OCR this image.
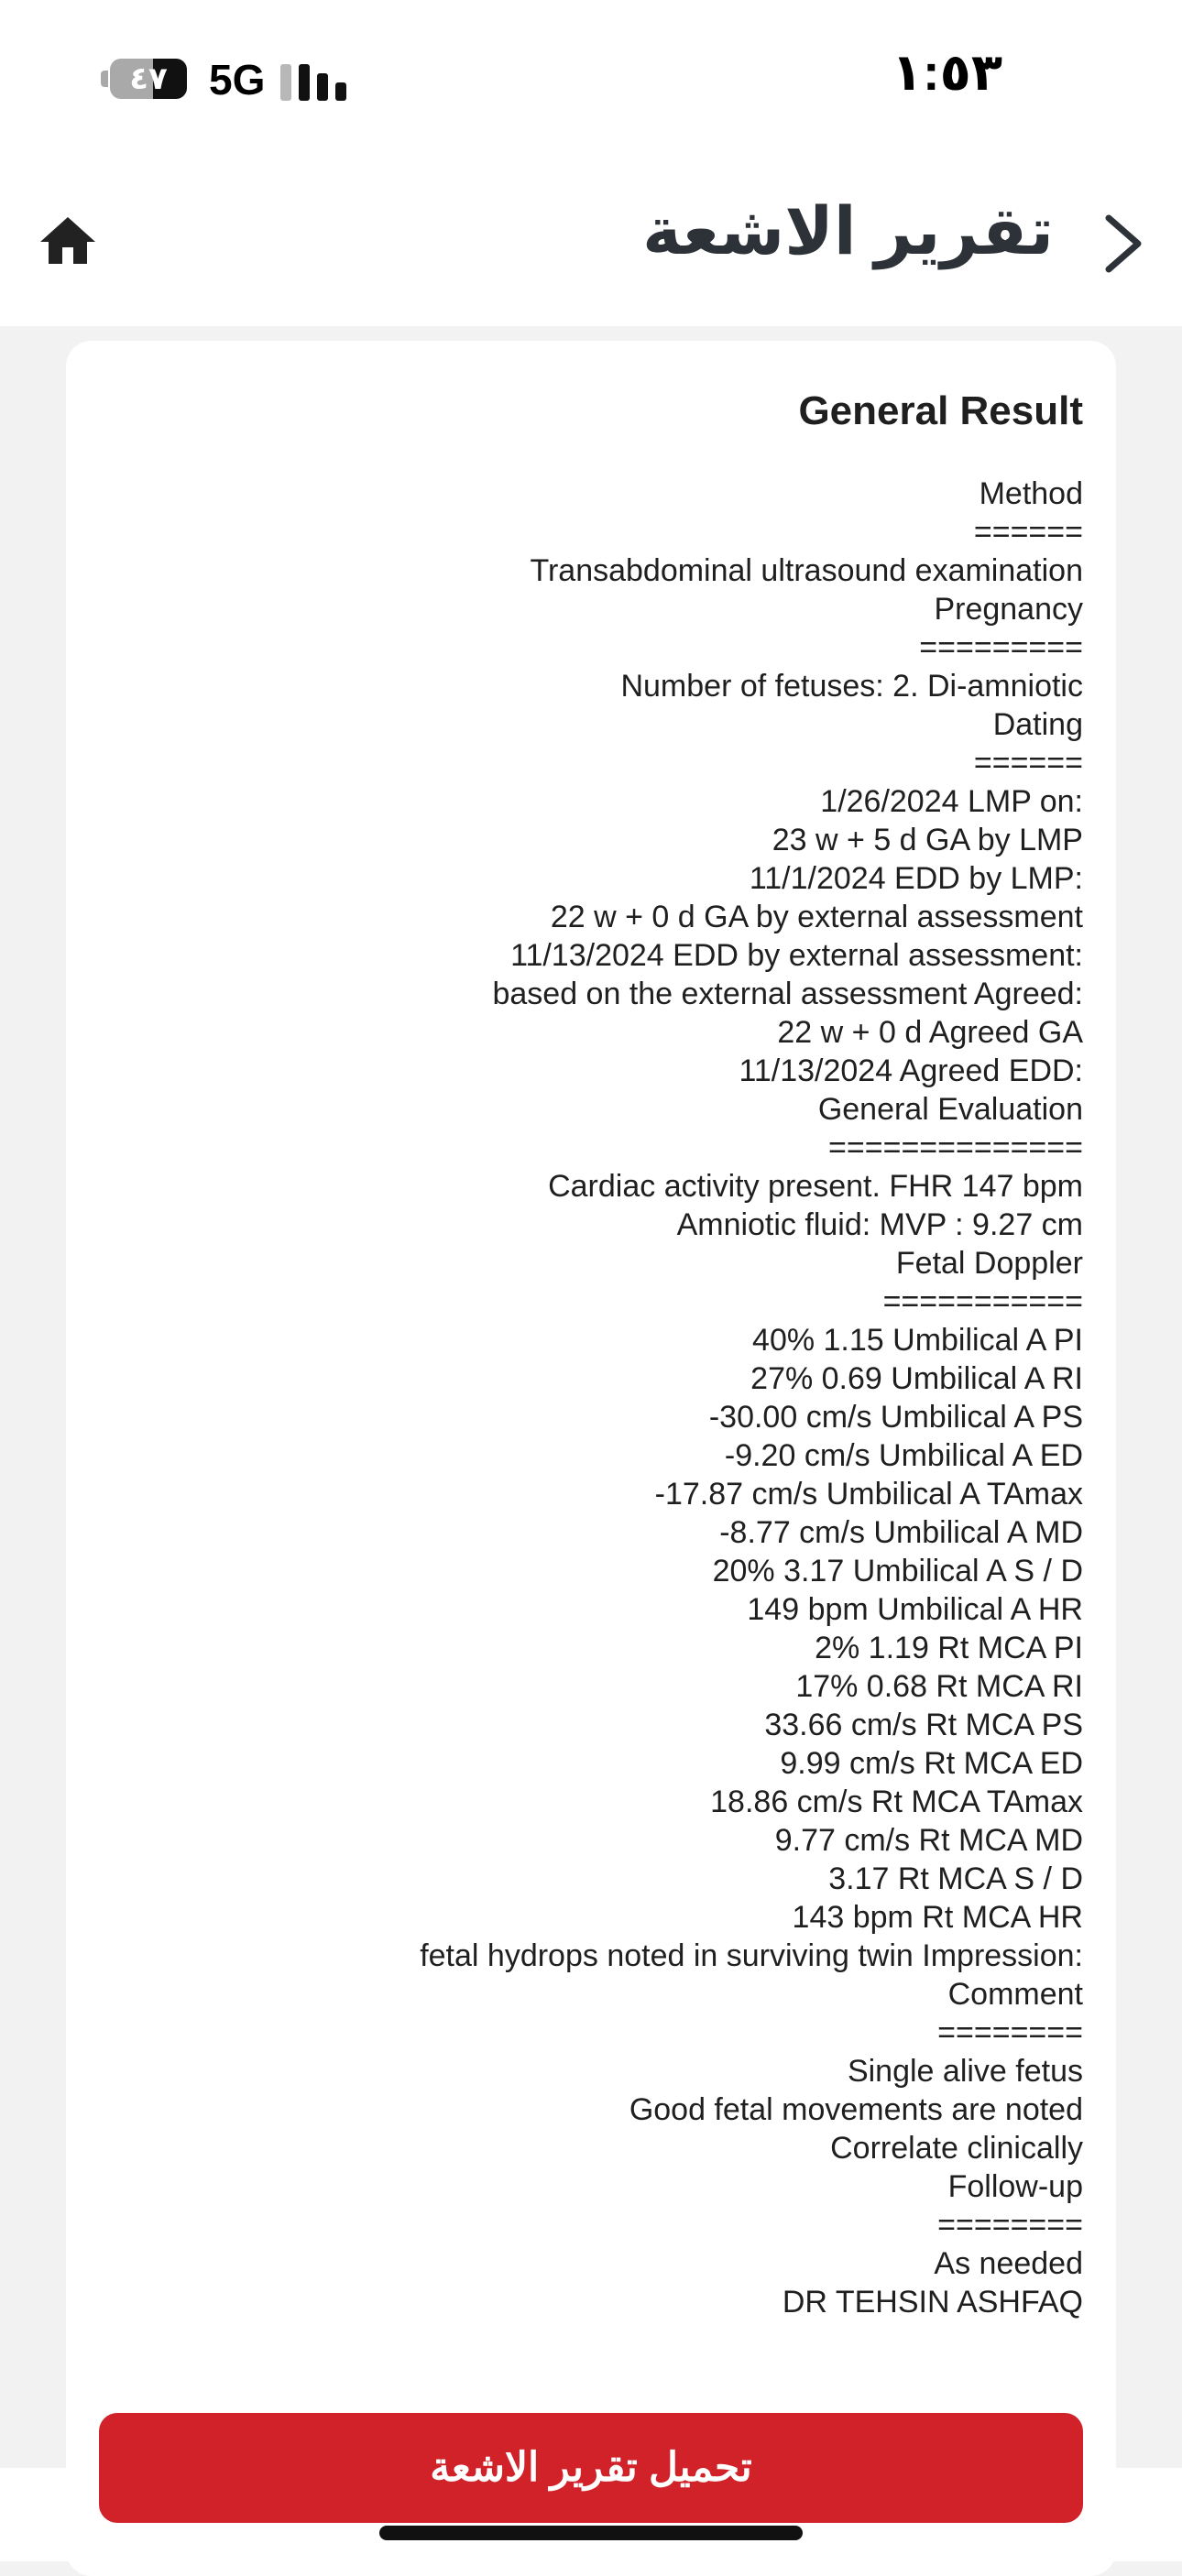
٤٧ 5G	١:٥٣
تقرير الاشعة
General Result
Method
======
Transabdominal ultrasound examination
Pregnancy
=========
Number of fetuses: 2. Di-amniotic
Dating
======
1/26/2024 LMP on:
23 w + 5 d GA by LMP
11/1/2024 EDD by LMP:
22 w + 0 d GA by external assessment
11/13/2024 EDD by external assessment:
based on the external assessment Agreed:
22 w + 0 d Agreed GA
11/13/2024 Agreed EDD:
General Evaluation
==============
Cardiac activity present. FHR 147 bpm
Amniotic fluid: MVP : 9.27 cm
Fetal Doppler
===========
40% 1.15 Umbilical A PI
27% 0.69 Umbilical A RI
-30.00 cm/s Umbilical A PS
-9.20 cm/s Umbilical A ED
-17.87 cm/s Umbilical A TAmax
-8.77 cm/s Umbilical A MD
20% 3.17 Umbilical A S / D
149 bpm Umbilical A HR
2% 1.19 Rt MCA PI
17% 0.68 Rt MCA RI
33.66 cm/s Rt MCA PS
9.99 cm/s Rt MCA ED
18.86 cm/s Rt MCA TAmax
9.77 cm/s Rt MCA MD
3.17 Rt MCA S / D
143 bpm Rt MCA HR
fetal hydrops noted in surviving twin Impression:
Comment
========
Single alive fetus
Good fetal movements are noted
Correlate clinically
Follow-up
========
As needed
DR TEHSIN ASHFAQ
تحميل تقرير الاشعة
